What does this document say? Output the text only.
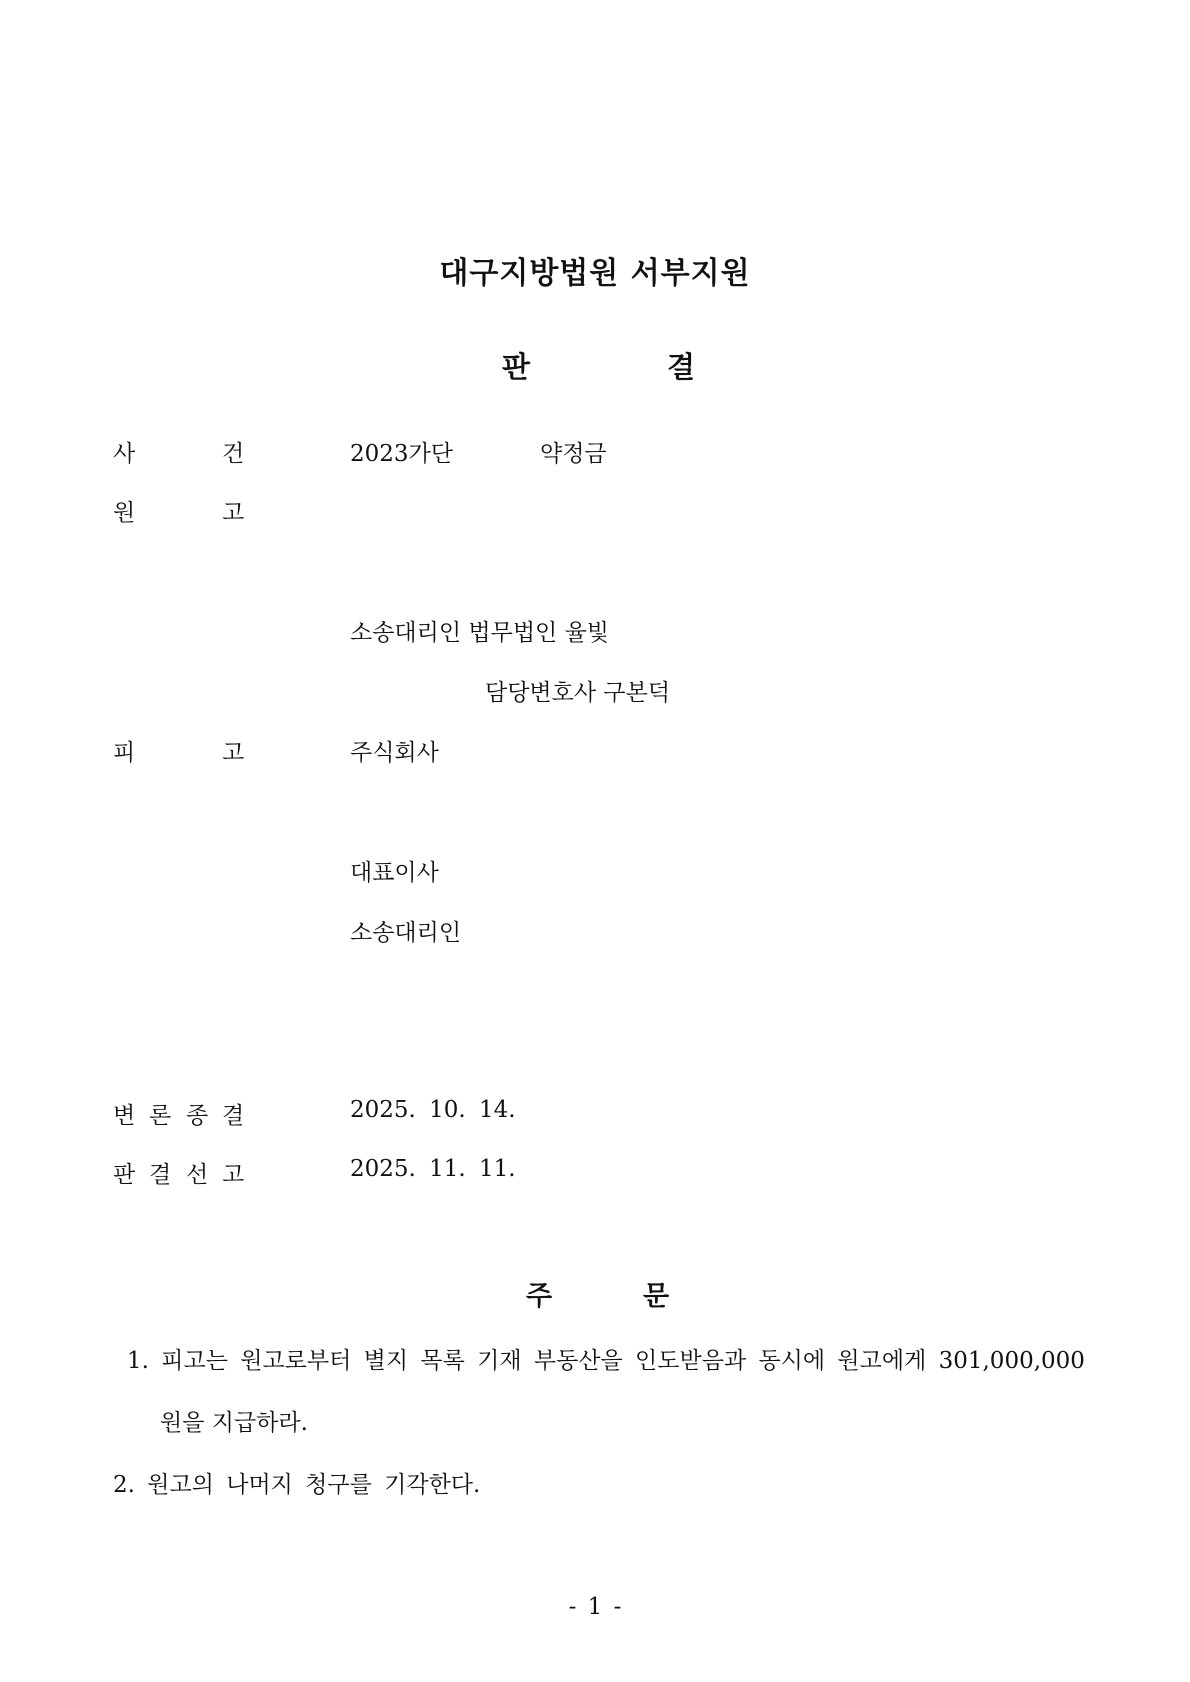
대구지방법원 서부지원
판	결
사	건	2023가단	약정금
원	고
소송대리인 법무법인 율빛
담당변호사 구본덕
피	고	주식회사
대표이사
소송대리인
변 론 종 결	2025. 10. 14.
판 결 선 고	2025. 11. 11.
주	문
1. 피고는 원고로부터 별지 목록 기재 부동산을 인도받음과 동시에 원고에게 301,000,000
원을 지급하라.
2. 원고의 나머지 청구를 기각한다.
- 1 -
